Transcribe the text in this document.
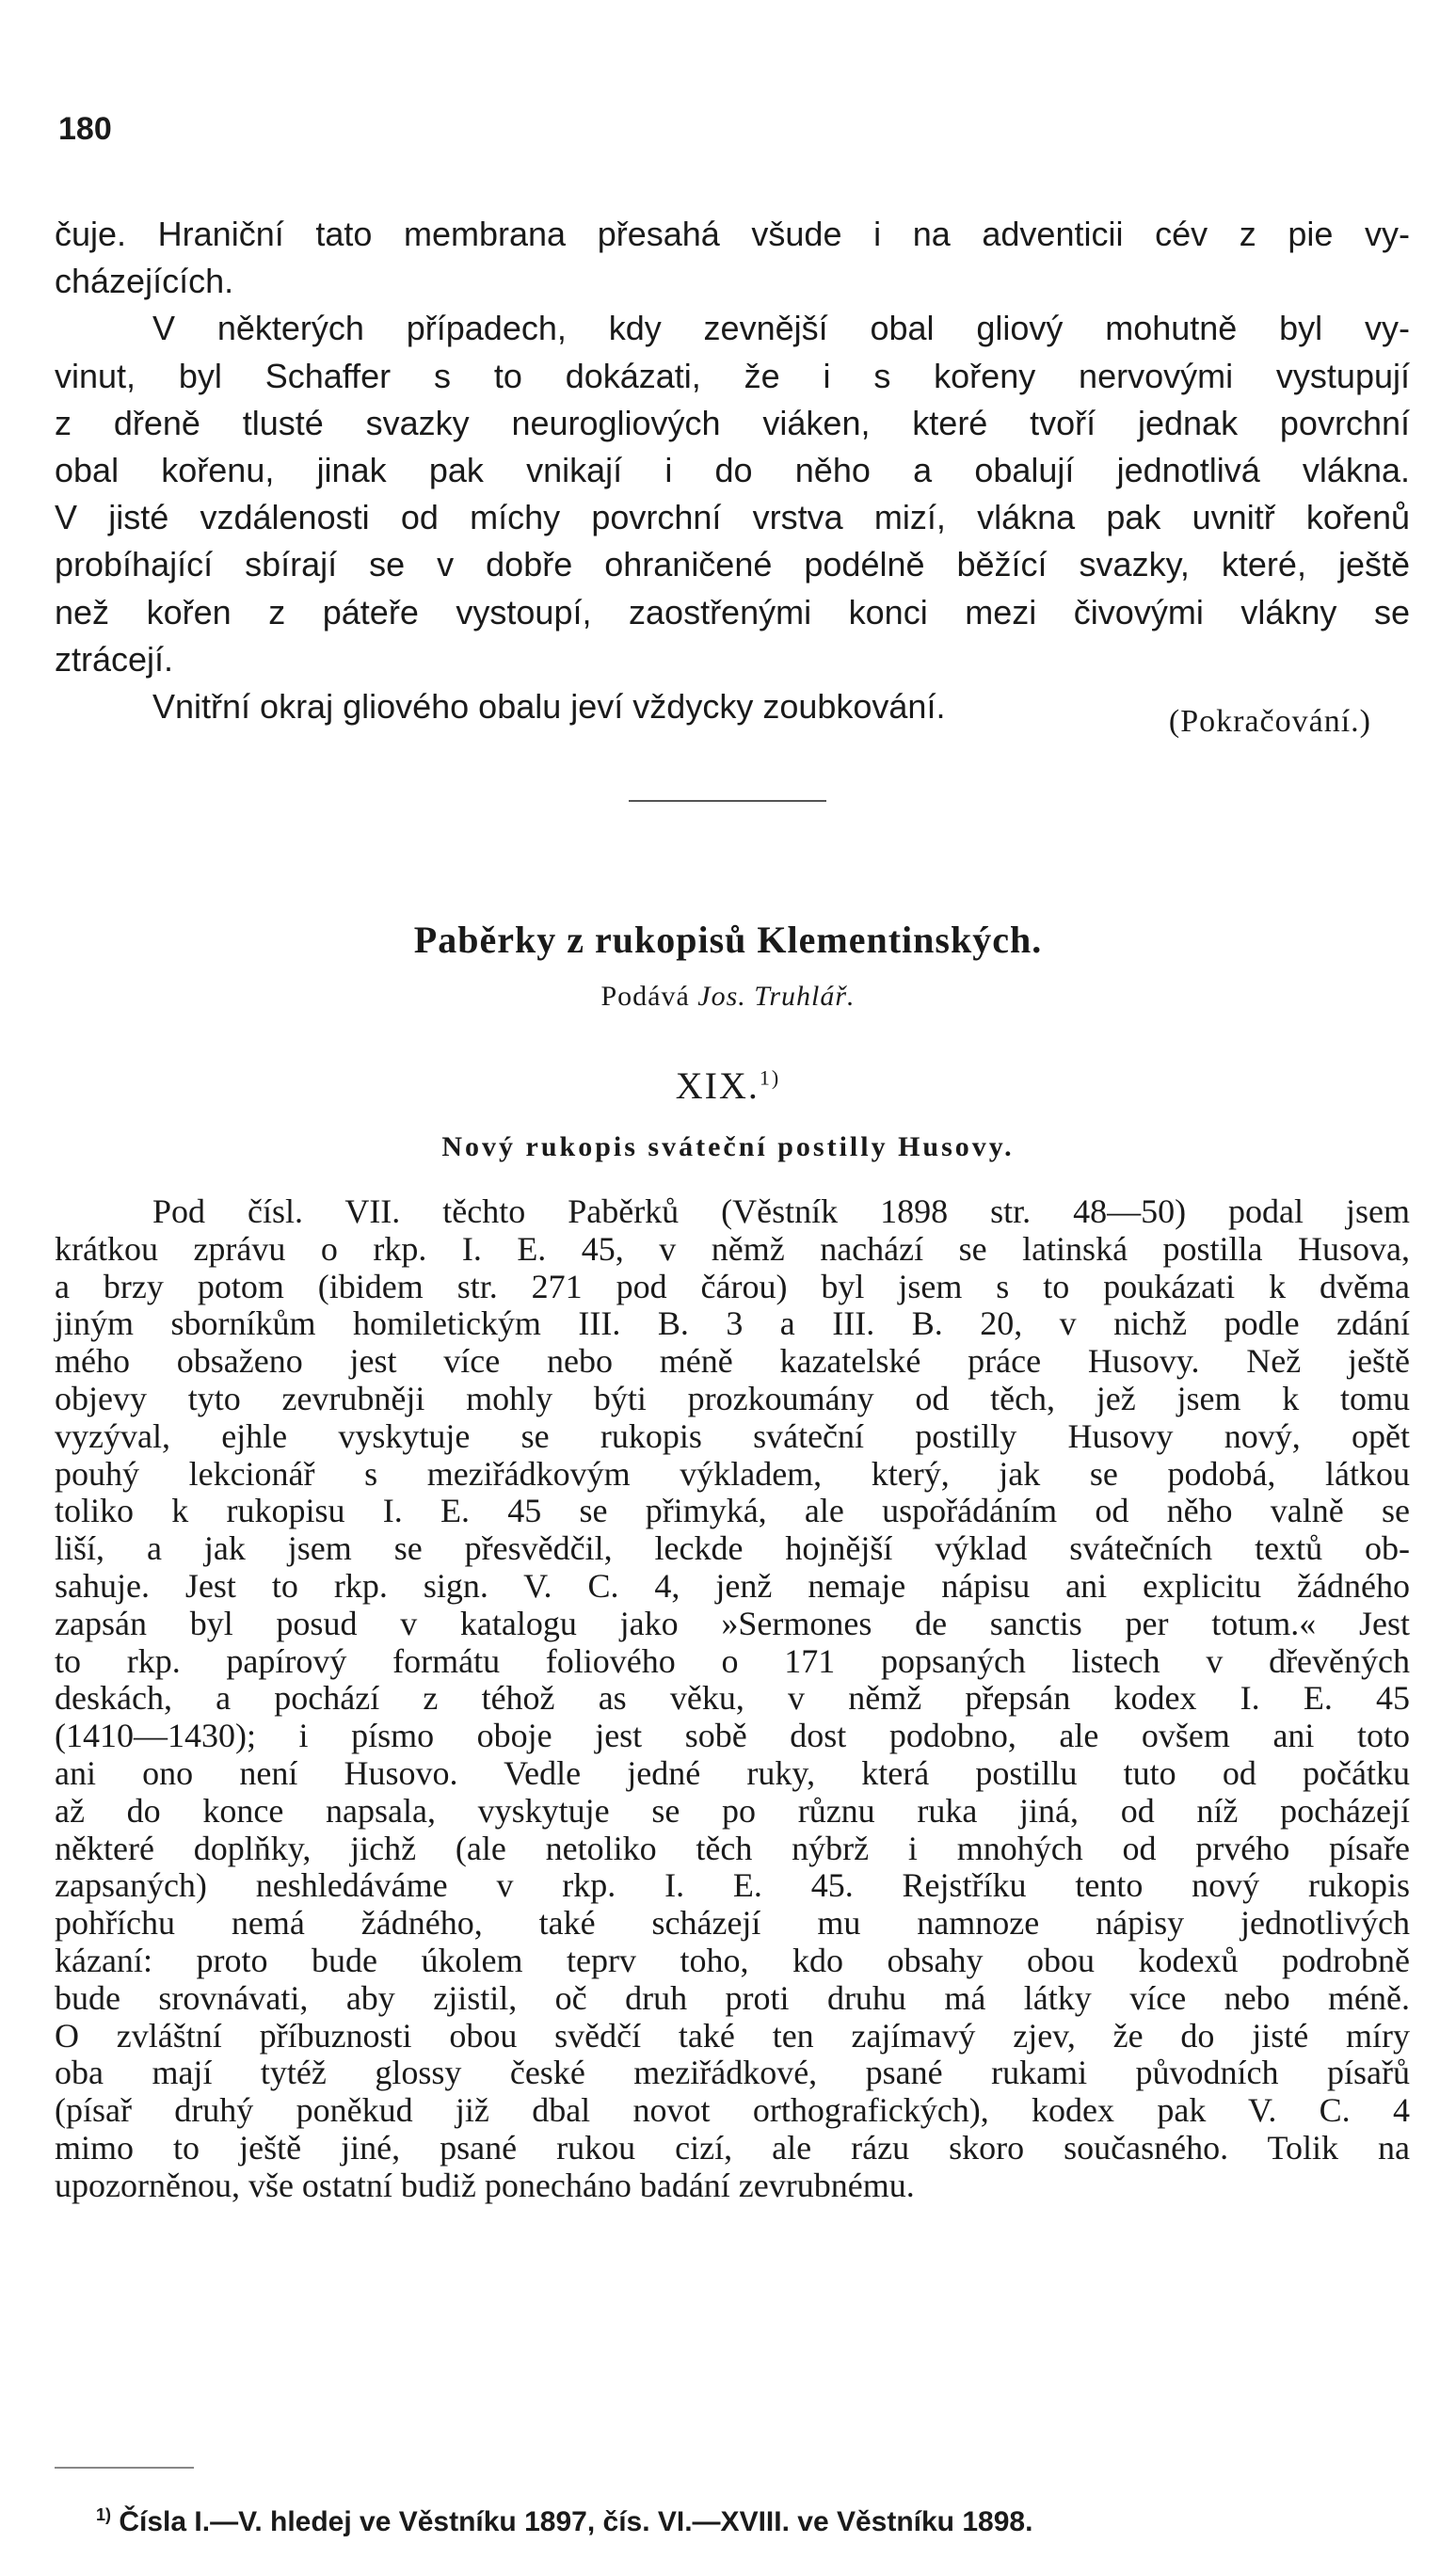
180
čuje. Hraniční tato membrana přesahá všude i na adventicii cév z pie vy-
cházejících.
V některých případech, kdy zevnější obal gliový mohutně byl vy-
vinut, byl Schaffer s to dokázati, že i s kořeny nervovými vystupují
z dřeně tlusté svazky neurogliových viáken, které tvoří jednak povrchní
obal kořenu, jinak pak vnikají i do něho a obalují jednotlivá vlákna.
V jisté vzdálenosti od míchy povrchní vrstva mizí, vlákna pak uvnitř kořenů
probíhající sbírají se v dobře ohraničené podélně běžící svazky, které, ještě
než kořen z páteře vystoupí, zaostřenými konci mezi čivovými vlákny se
ztrácejí.
Vnitřní okraj gliového obalu jeví vždycky zoubkování.	(Pokračování.)
Paběrky z rukopisů Klementinských.
Podává Jos. Truhlář.
XIX.$^{1)}$
Nový rukopis sváteční postilly Husovy.
Pod čísl. VII. těchto Paběrků (Věstník 1898 str. 48—50) podal jsem
krátkou zprávu o rkp. I. E. 45, v němž nachází se latinská postilla Husova,
a brzy potom (ibidem str. 271 pod čárou) byl jsem s to poukázati k dvěma
jiným sborníkům homiletickým III. B. 3 a III. B. 20, v nichž podle zdání
mého obsaženo jest více nebo méně kazatelské práce Husovy. Než ještě
objevy tyto zevrubněji mohly býti prozkoumány od těch, jež jsem k tomu
vyzýval, ejhle vyskytuje se rukopis sváteční postilly Husovy nový, opět
pouhý lekcionář s meziřádkovým výkladem, který, jak se podobá, látkou
toliko k rukopisu I. E. 45 se přimyká, ale uspořádáním od něho valně se
liší, a jak jsem se přesvědčil, leckde hojnější výklad svátečních textů ob-
sahuje. Jest to rkp. sign. V. C. 4, jenž nemaje nápisu ani explicitu žádného
zapsán byl posud v katalogu jako »Sermones de sanctis per totum.« Jest
to rkp. papírový formátu foliového o 171 popsaných listech v dřevěných
deskách, a pochází z téhož as věku, v němž přepsán kodex I. E. 45
(1410—1430); i písmo oboje jest sobě dost podobno, ale ovšem ani toto
ani ono není Husovo. Vedle jedné ruky, která postillu tuto od počátku
až do konce napsala, vyskytuje se po různu ruka jiná, od níž pocházejí
některé doplňky, jichž (ale netoliko těch nýbrž i mnohých od prvého písaře
zapsaných) neshledáváme v rkp. I. E. 45. Rejstříku tento nový rukopis
pohříchu nemá žádného, také scházejí mu namnoze nápisy jednotlivých
kázaní: proto bude úkolem teprv toho, kdo obsahy obou kodexů podrobně
bude srovnávati, aby zjistil, oč druh proti druhu má látky více nebo méně.
O zvláštní příbuznosti obou svědčí také ten zajímavý zjev, že do jisté míry
oba mají tytéž glossy české meziřádkové, psané rukami původních písařů
(písař druhý poněkud již dbal novot orthografických), kodex pak V. C. 4
mimo to ještě jiné, psané rukou cizí, ale rázu skoro současného. Tolik na
upozorněnou, vše ostatní budiž ponecháno badání zevrubnému.
$^{1)}$ Čísla I.—V. hledej ve Věstníku 1897, čís. VI.—XVIII. ve Věstníku 1898.
